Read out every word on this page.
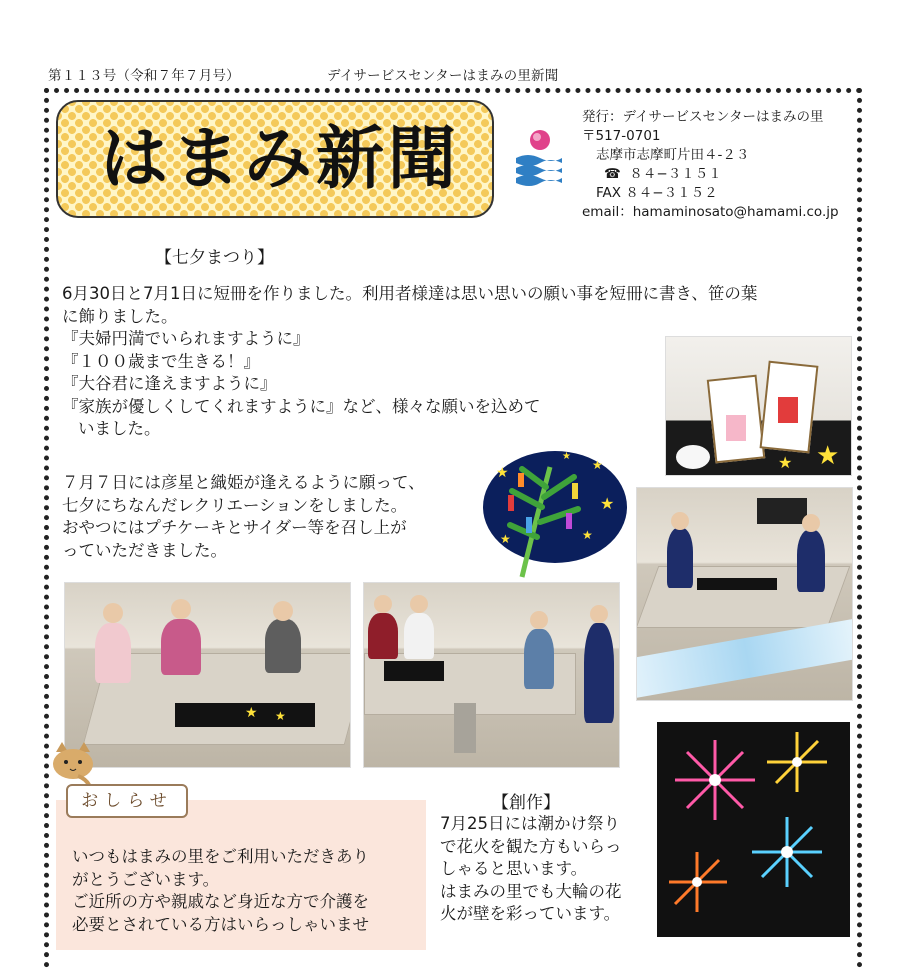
第１１３号（令和７年７月号）	デイサービスセンターはまみの里新聞
はまみ新聞
発行：デイサービスセンターはまみの里
〒517-0701
志摩市志摩町片田４-２３
☎ ８４−３１５１
FAX ８４−３１５２
email：hamaminosato@hamami.co.jp
【七夕まつり】
6月30日と7月1日に短冊を作りました。利用者様達は思い思いの願い事を短冊に書き、笹の葉
に飾りました。
『夫婦円満でいられますように』
『１００歳まで生きる！』
『大谷君に逢えますように』
『家族が優しくしてくれますように』など、様々な願いを込めて
いました。
７月７日には彦星と織姫が逢えるように願って、
七夕にちなんだレクリエーションをしました。
おやつにはプチケーキとサイダー等を召し上が
っていただきました。
★	★
★
★
★
★	★
★
★ ★
おしらせ
いつもはまみの里をご利用いただきあり
がとうございます。
ご近所の方や親戚など身近な方で介護を
必要とされている方はいらっしゃいませ
【創作】
7月25日には潮かけ祭り
で花火を観た方もいらっ
しゃると思います。
はまみの里でも大輪の花
火が壁を彩っています。
